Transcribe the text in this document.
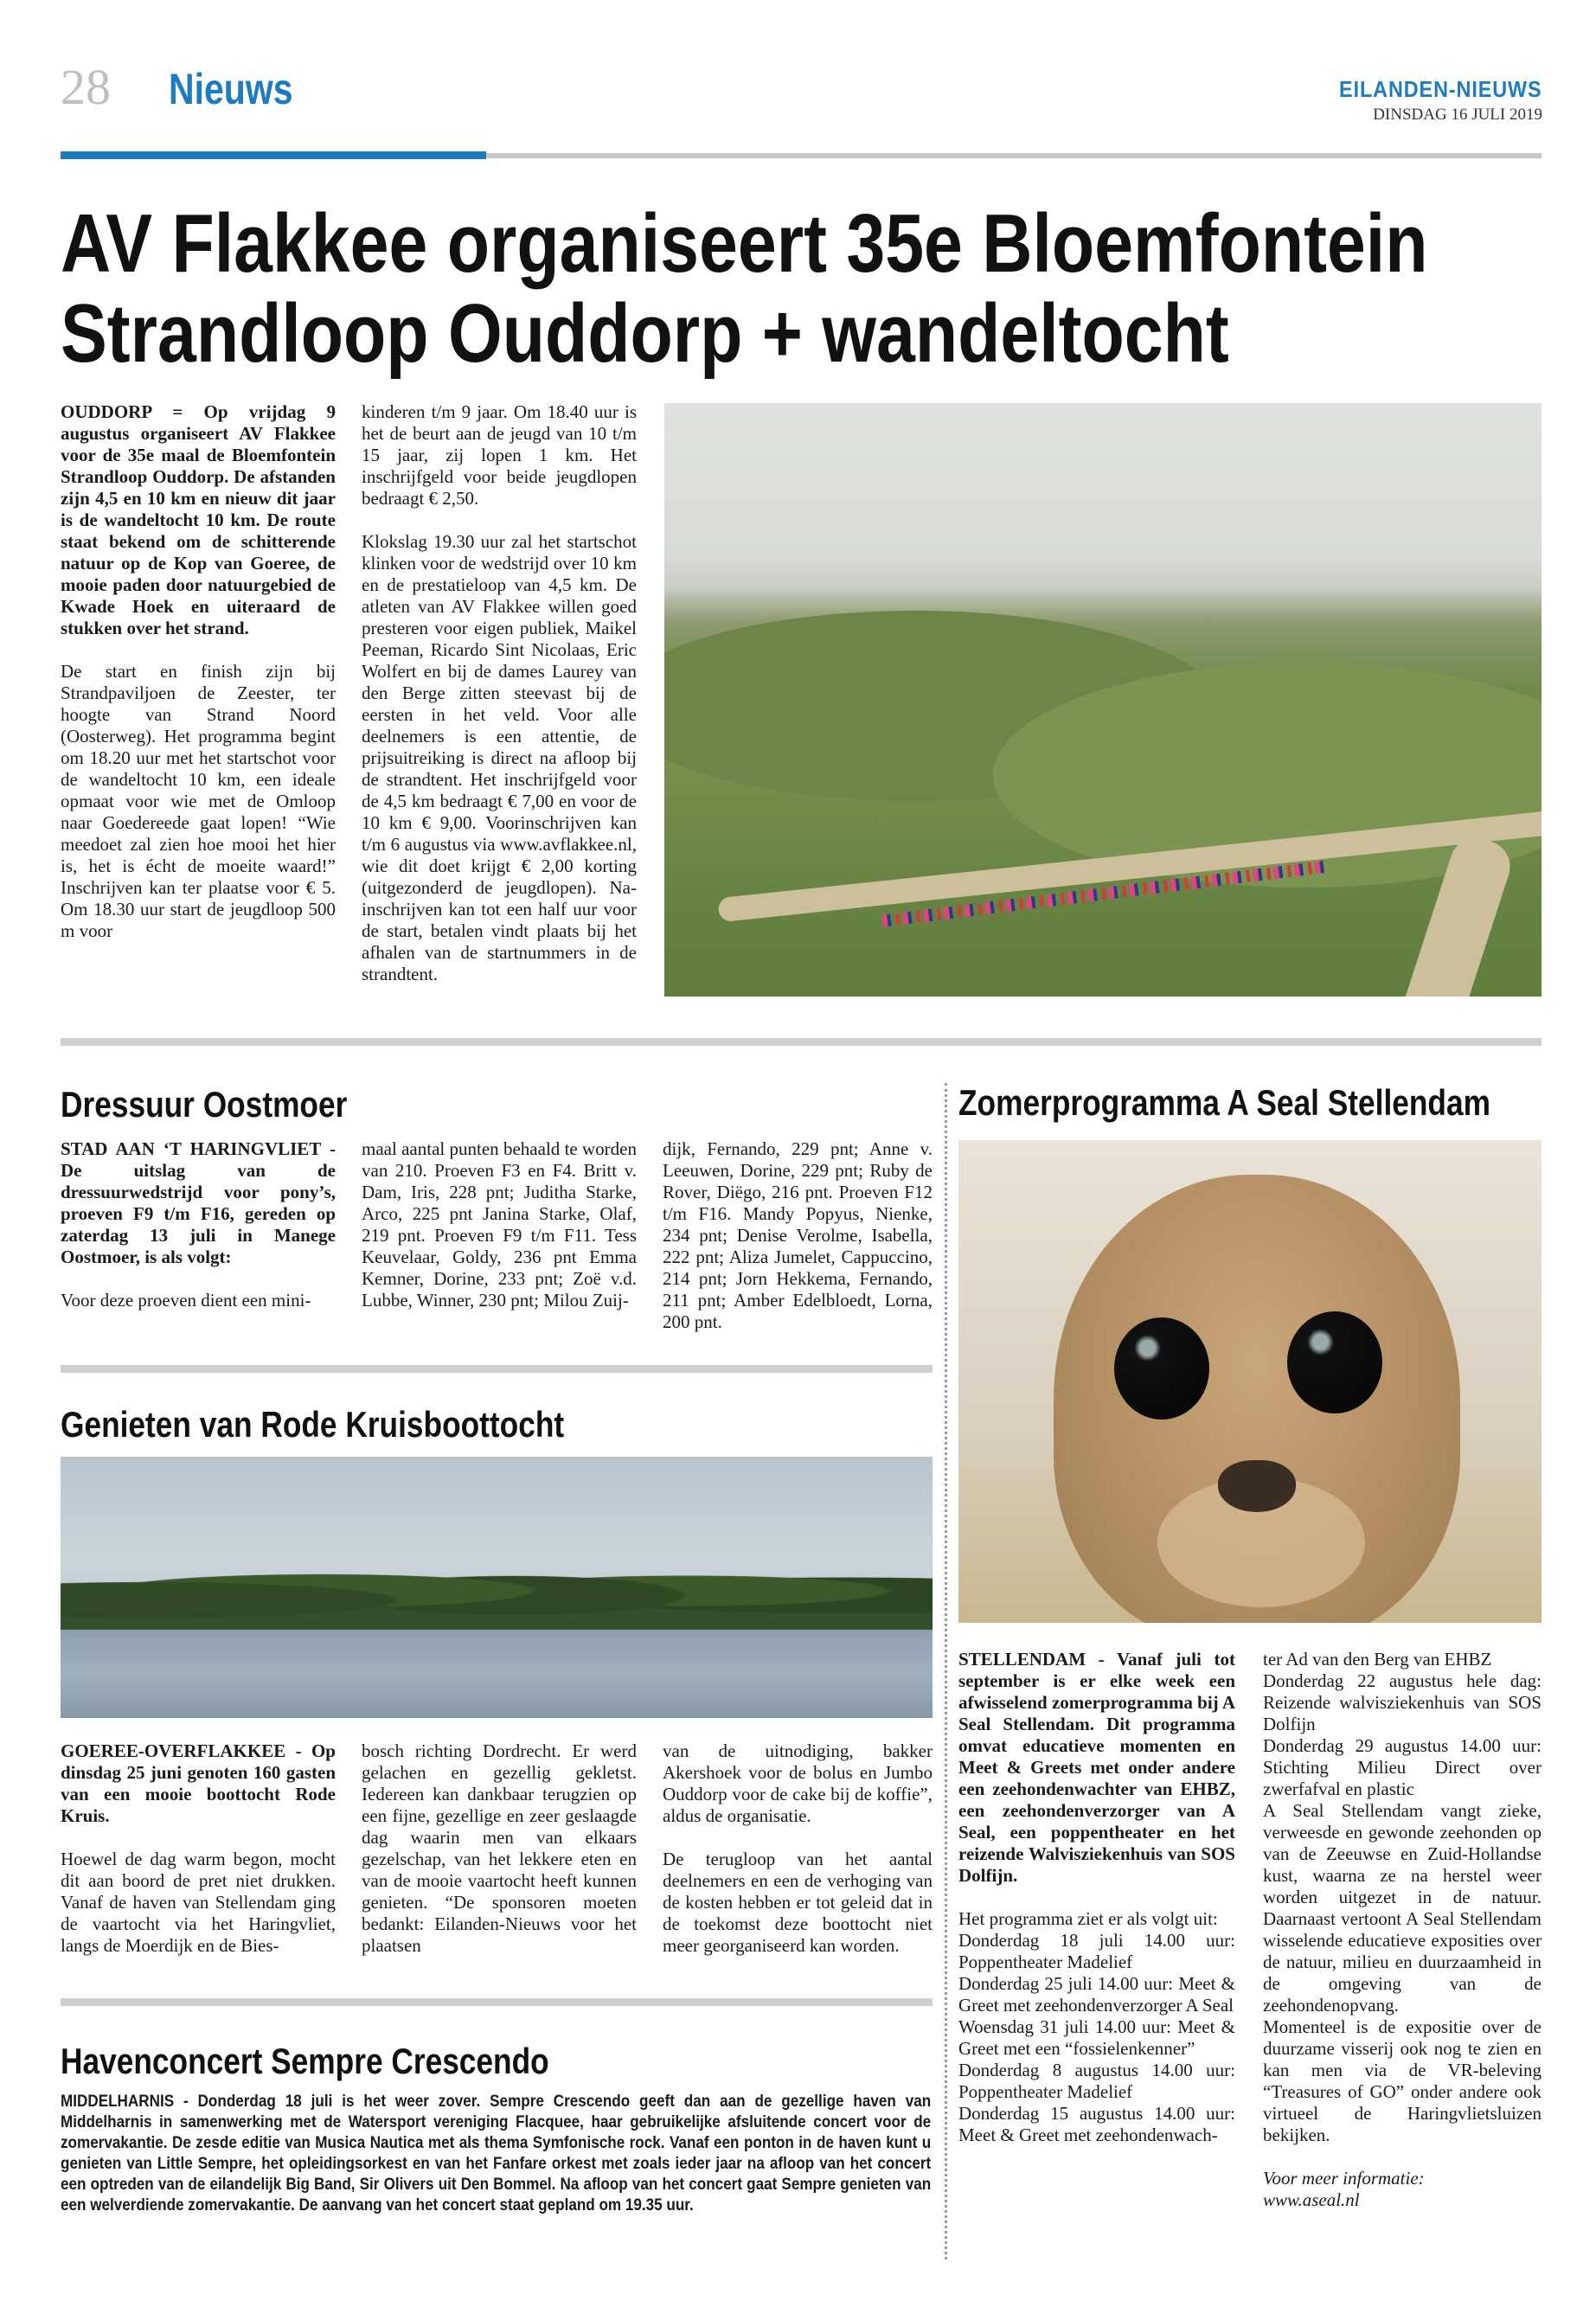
28 Nieuws	EILANDEN-NIEUWS
DINSDAG 16 JULI 2019
AV Flakkee organiseert 35e Bloemfontein
Strandloop Ouddorp + wandeltocht

OUDDORP = Op vrijdag 9 augustus organiseert AV Flakkee voor de 35e maal de Bloemfontein Strandloop Ouddorp. De afstanden zijn 4,5 en 10 km en nieuw dit jaar is de wandeltocht 10 km. De route staat bekend om de schitterende natuur op de Kop van Goeree, de mooie paden door natuurgebied de Kwade Hoek en uiteraard de stukken over het strand.

De start en finish zijn bij Strandpaviljoen de Zeester, ter hoogte van Strand Noord (Oosterweg). Het programma begint om 18.20 uur met het startschot voor de wandeltocht 10 km, een ideale opmaat voor wie met de Omloop naar Goedereede gaat lopen! “Wie meedoet zal zien hoe mooi het hier is, het is écht de moeite waard!” Inschrijven kan ter plaatse voor € 5. Om 18.30 uur start de jeugdloop 500 m voor

kinderen t/m 9 jaar. Om 18.40 uur is het de beurt aan de jeugd van 10 t/m 15 jaar, zij lopen 1 km. Het inschrijfgeld voor beide jeugdlopen bedraagt € 2,50.

Klokslag 19.30 uur zal het startschot klinken voor de wedstrijd over 10 km en de prestatieloop van 4,5 km. De atleten van AV Flakkee willen goed presteren voor eigen publiek, Maikel Peeman, Ricardo Sint Nicolaas, Eric Wolfert en bij de dames Laurey van den Berge zitten steevast bij de eersten in het veld. Voor alle deelnemers is een attentie, de prijsuitreiking is direct na afloop bij de strandtent. Het inschrijfgeld voor de 4,5 km bedraagt € 7,00 en voor de 10 km € 9,00. Voorinschrijven kan t/m 6 augustus via www.avflakkee.nl, wie dit doet krijgt € 2,00 korting (uitgezonderd de jeugdlopen). Na-inschrijven kan tot een half uur voor de start, betalen vindt plaats bij het afhalen van de startnummers in de strandtent.

Dressuur Oostmoer

STAD AAN ‘T HARINGVLIET - De uitslag van de dressuurwedstrijd voor pony’s, proeven F9 t/m F16, gereden op zaterdag 13 juli in Manege Oostmoer, is als volgt:

Voor deze proeven dient een mini-

maal aantal punten behaald te worden van 210. Proeven F3 en F4. Britt v. Dam, Iris, 228 pnt; Juditha Starke, Arco, 225 pnt Janina Starke, Olaf, 219 pnt. Proeven F9 t/m F11. Tess Keuvelaar, Goldy, 236 pnt Emma Kemner, Dorine, 233 pnt; Zoë v.d. Lubbe, Winner, 230 pnt; Milou Zuij-

dijk, Fernando, 229 pnt; Anne v. Leeuwen, Dorine, 229 pnt; Ruby de Rover, Diëgo, 216 pnt. Proeven F12 t/m F16. Mandy Popyus, Nienke, 234 pnt; Denise Verolme, Isabella, 222 pnt; Aliza Jumelet, Cappuccino, 214 pnt; Jorn Hekkema, Fernando, 211 pnt; Amber Edelbloedt, Lorna, 200 pnt.

Genieten van Rode Kruisboottocht

GOEREE-OVERFLAKKEE - Op dinsdag 25 juni genoten 160 gasten van een mooie boottocht Rode Kruis.

Hoewel de dag warm begon, mocht dit aan boord de pret niet drukken. Vanaf de haven van Stellendam ging de vaartocht via het Haringvliet, langs de Moerdijk en de Bies-

bosch richting Dordrecht. Er werd gelachen en gezellig gekletst. Iedereen kan dankbaar terugzien op een fijne, gezellige en zeer geslaagde dag waarin men van elkaars gezelschap, van het lekkere eten en van de mooie vaartocht heeft kunnen genieten. “De sponsoren moeten bedankt: Eilanden-Nieuws voor het plaatsen

van de uitnodiging, bakker Akershoek voor de bolus en Jumbo Ouddorp voor de cake bij de koffie”, aldus de organisatie.

De terugloop van het aantal deelnemers en een de verhoging van de kosten hebben er tot geleid dat in de toekomst deze boottocht niet meer georganiseerd kan worden.

Havenconcert Sempre Crescendo
MIDDELHARNIS - Donderdag 18 juli is het weer zover. Sempre Crescendo geeft dan aan de gezellige haven van Middelharnis in samenwerking met de Watersport vereniging Flacquee, haar gebruikelijke afsluitende concert voor de zomervakantie. De zesde editie van Musica Nautica met als thema Symfonische rock. Vanaf een ponton in de haven kunt u genieten van Little Sempre, het opleidingsorkest en van het Fanfare orkest met zoals ieder jaar na afloop van het concert een optreden van de eilandelijk Big Band, Sir Olivers uit Den Bommel. Na afloop van het concert gaat Sempre genieten van een welverdiende zomervakantie. De aanvang van het concert staat gepland om 19.35 uur.
Zomerprogramma A Seal Stellendam

STELLENDAM - Vanaf juli tot september is er elke week een afwisselend zomerprogramma bij A Seal Stellendam. Dit programma omvat educatieve momenten en Meet & Greets met onder andere een zeehondenwachter van EHBZ, een zeehondenverzorger van A Seal, een poppentheater en het reizende Walvisziekenhuis van SOS Dolfijn.

Het programma ziet er als volgt uit:
Donderdag 18 juli 14.00 uur: Poppentheater Madelief
Donderdag 25 juli 14.00 uur: Meet & Greet met zeehondenverzorger A Seal
Woensdag 31 juli 14.00 uur: Meet & Greet met een “fossielenkenner”
Donderdag 8 augustus 14.00 uur: Poppentheater Madelief
Donderdag 15 augustus 14.00 uur: Meet & Greet met zeehondenwach-
ter Ad van den Berg van EHBZ
Donderdag 22 augustus hele dag: Reizende walvisziekenhuis van SOS Dolfijn
Donderdag 29 augustus 14.00 uur: Stichting Milieu Direct over zwerfafval en plastic
A Seal Stellendam vangt zieke, verweesde en gewonde zeehonden op van de Zeeuwse en Zuid-Hollandse kust, waarna ze na herstel weer worden uitgezet in de natuur. Daarnaast vertoont A Seal Stellendam wisselende educatieve exposities over de natuur, milieu en duurzaamheid in de omgeving van de zeehondenopvang.

Momenteel is de expositie over de duurzame visserij ook nog te zien en kan men via de VR-beleving “Treasures of GO” onder andere ook virtueel de Haringvlietsluizen bekijken.

Voor meer informatie:
www.aseal.nl
